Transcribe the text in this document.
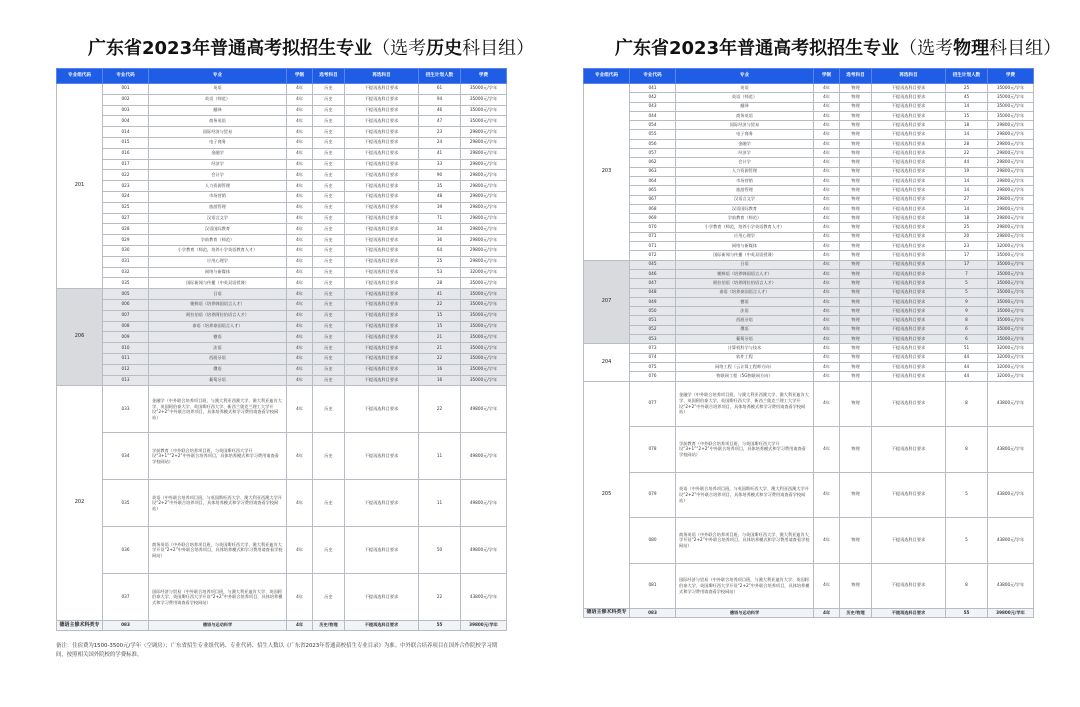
广东省2023年普通高考拟招生专业（选考历史科目组）
专业组代码	专业代码	专业	学制	选考科目	再选科目	招生计划人数	学费
201	001	英语	4年	历史	不提再选科目要求	61	35000元/学年
	002	英语（师范）	4年	历史	不提再选科目要求	94	35000元/学年
	003	翻译	4年	历史	不提再选科目要求	46	35000元/学年
	004	商务英语	4年	历史	不提再选科目要求	47	35000元/学年
	014	国际经济与贸易	4年	历史	不提再选科目要求	23	29800元/学年
	015	电子商务	4年	历史	不提再选科目要求	24	29800元/学年
	016	金融学	4年	历史	不提再选科目要求	41	29800元/学年
	017	经济学	4年	历史	不提再选科目要求	33	29800元/学年
	022	会计学	4年	历史	不提再选科目要求	90	29800元/学年
	023	人力资源管理	4年	历史	不提再选科目要求	35	29800元/学年
	024	市场营销	4年	历史	不提再选科目要求	48	29800元/学年
	025	旅游管理	4年	历史	不提再选科目要求	39	29800元/学年
	027	汉语言文学	4年	历史	不提再选科目要求	71	29800元/学年
	028	汉语国际教育	4年	历史	不提再选科目要求	34	29800元/学年
	029	学前教育（师范）	4年	历史	不提再选科目要求	36	29800元/学年
	030	小学教育（师范，培养小学英语教育人才）	4年	历史	不提再选科目要求	64	29800元/学年
	031	应用心理学	4年	历史	不提再选科目要求	25	29800元/学年
	032	网络与新媒体	4年	历史	不提再选科目要求	53	32000元/学年
	035	国际新闻与传播（中英双语授课）	4年	历史	不提再选科目要求	28	35000元/学年
206	005	日语	4年	历史	不提再选科目要求	41	35000元/学年
	006	朝鲜语（培养韩国语言人才）	4年	历史	不提再选科目要求	22	35000元/学年
	007	阿拉伯语（培养阿拉伯语言人才）	4年	历史	不提再选科目要求	15	35000元/学年
	008	泰语（培养泰国语言人才）	4年	历史	不提再选科目要求	15	35000元/学年
	009	德语	4年	历史	不提再选科目要求	21	35000元/学年
	010	法语	4年	历史	不提再选科目要求	21	35000元/学年
	011	西班牙语	4年	历史	不提再选科目要求	22	35000元/学年
	012	俄语	4年	历史	不提再选科目要求	16	35000元/学年
	013	葡萄牙语	4年	历史	不提再选科目要求	16	35000元/学年
202	033	金融学（中外联合培养项目班，与澳大利亚西澳大学、澳大利亚迪肯大学、英国阿伯泰大学、英国斯旺西大学、新西兰奥克兰理工大学开设“2+2”中外联合培养项目，具体培养模式和学习费用请查看学校网站）	4年	历史	不提再选科目要求	22	49800元/学年
	034	学前教育（中外联合培养项目班，与英国斯旺西大学开设“3+1”“2+2”中外联合培养项目，具体培养模式和学习费用请查看学校网站）	4年	历史	不提再选科目要求	11	49800元/学年
	035	英语（中外联合培养项目班，与英国斯旺西大学、澳大利亚西澳大学开设“2+2”中外联合培养项目，具体培养模式和学习费用请查看学校网站）	4年	历史	不提再选科目要求	11	49800元/学年
	036	商务英语（中外联合培养项目班，与英国斯旺西大学、澳大利亚迪肯大学开设“2+2”中外联合培养项目，具体培养模式和学习费用请查看学校网站）	4年	历史	不提再选科目要求	50	49800元/学年
	037	国际经济与贸易（中外联合培养项目班，与澳大利亚迪肯大学、英国阿伯泰大学、英国斯旺西大学开设“2+2”中外联合培养项目，具体培养模式和学习费用请查看学校网站）	4年	历史	不提再选科目要求	22	43800元/学年
德语主修术科类专	083	德语与运动科学	4年	历史/物理	不提再选科目要求	55	39800元/学年
备注：住宿费为1500-3500元/学年（空调房）；广东省招生专业组代码、专业代码、招生人数以《广东省2023年普通高校招生专业目录》为准。中外联合培养项目在国外合作院校学习期间，按照相关国外院校的学费标准。
广东省2023年普通高考拟招生专业（选考物理科目组）
专业组代码	专业代码	专业	学制	选考科目	再选科目	招生计划人数	学费
203	041	英语	4年	物理	不提再选科目要求	25	35000元/学年
	042	英语（师范）	4年	物理	不提再选科目要求	45	35000元/学年
	043	翻译	4年	物理	不提再选科目要求	14	35000元/学年
	044	商务英语	4年	物理	不提再选科目要求	15	35000元/学年
	054	国际经济与贸易	4年	物理	不提再选科目要求	18	29800元/学年
	055	电子商务	4年	物理	不提再选科目要求	14	29800元/学年
	056	金融学	4年	物理	不提再选科目要求	28	29800元/学年
	057	经济学	4年	物理	不提再选科目要求	22	29800元/学年
	062	会计学	4年	物理	不提再选科目要求	44	29800元/学年
	063	人力资源管理	4年	物理	不提再选科目要求	19	29800元/学年
	064	市场营销	4年	物理	不提再选科目要求	14	29800元/学年
	065	旅游管理	4年	物理	不提再选科目要求	14	29800元/学年
	067	汉语言文学	4年	物理	不提再选科目要求	27	29800元/学年
	068	汉语国际教育	4年	物理	不提再选科目要求	14	29800元/学年
	069	学前教育（师范）	4年	物理	不提再选科目要求	18	29800元/学年
	070	小学教育（师范，培养小学英语教育人才）	4年	物理	不提再选科目要求	25	29800元/学年
	071	应用心理学	4年	物理	不提再选科目要求	20	29800元/学年
	071	网络与新媒体	4年	物理	不提再选科目要求	23	32000元/学年
	072	国际新闻与传播（中英双语授课）	4年	物理	不提再选科目要求	17	35000元/学年
207	045	日语	4年	物理	不提再选科目要求	17	35000元/学年
	046	朝鲜语（培养韩国语言人才）	4年	物理	不提再选科目要求	7	35000元/学年
	047	阿拉伯语（培养阿拉伯语言人才）	4年	物理	不提再选科目要求	5	35000元/学年
	048	泰语（培养泰国语言人才）	4年	物理	不提再选科目要求	5	35000元/学年
	049	德语	4年	物理	不提再选科目要求	9	35000元/学年
	050	法语	4年	物理	不提再选科目要求	9	35000元/学年
	051	西班牙语	4年	物理	不提再选科目要求	8	35000元/学年
	052	俄语	4年	物理	不提再选科目要求	6	35000元/学年
	053	葡萄牙语	4年	物理	不提再选科目要求	6	35000元/学年
204	073	计算机科学与技术	4年	物理	不提再选科目要求	51	32000元/学年
	074	软件工程	4年	物理	不提再选科目要求	44	32000元/学年
	075	网络工程（云计算工程师方向）	4年	物理	不提再选科目要求	44	32000元/学年
	076	物联网工程（5G物联网方向）	4年	物理	不提再选科目要求	44	32000元/学年
205	077	金融学（中外联合培养项目班，与澳大利亚西澳大学、澳大利亚迪肯大学、英国阿伯泰大学、英国斯旺西大学、新西兰奥克兰理工大学开设“2+2”中外联合培养项目，具体培养模式和学习费用请查看学校网站）	4年	物理	不提再选科目要求	8	43800元/学年
	078	学前教育（中外联合培养项目班，与英国斯旺西大学开设“3+1”“2+2”中外联合培养项目，具体培养模式和学习费用请查看学校网站）	4年	物理	不提再选科目要求	8	43800元/学年
	079	英语（中外联合培养项目班，与英国斯旺西大学、澳大利亚西澳大学开设“2+2”中外联合培养项目，具体培养模式和学习费用请查看学校网站）	4年	物理	不提再选科目要求	5	43800元/学年
	080	商务英语（中外联合培养项目班，与英国斯旺西大学、澳大利亚迪肯大学开设“2+2”中外联合培养项目，具体培养模式和学习费用请查看学校网站）	4年	物理	不提再选科目要求	5	43800元/学年
	081	国际经济与贸易（中外联合培养项目班，与澳大利亚迪肯大学、英国阿伯泰大学、英国斯旺西大学开设“2+2”中外联合培养项目，具体培养模式和学习费用请查看学校网站）	4年	物理	不提再选科目要求	8	43800元/学年
德语主修术科类专	083	德语与运动科学	4年	历史/物理	不提再选科目要求	55	39800元/学年
